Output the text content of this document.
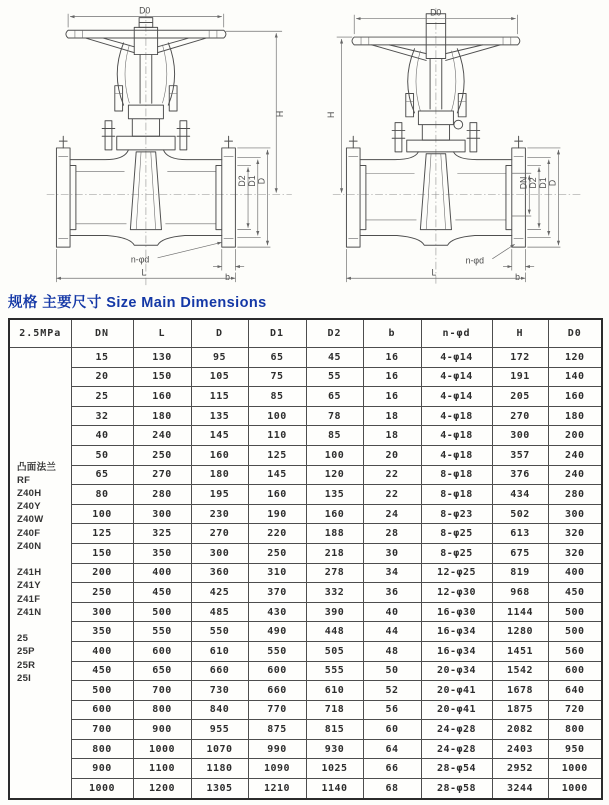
D0
H
D2 D1 D
n-φd
b
L
D0
H
DN D2 D1 D
n-φd
b
L
规格 主要尺寸 Size Main Dimensions
2.5MPa	DN	L	D	D1	D2	b	n-φd	H	D0

凸面法兰
RF
Z40H
Z40Y
Z40W
Z40F
Z40N

Z41H
Z41Y
Z41F
Z41N

25
25P
25R
25I
	15	130	95	65	45	16	4-φ14	172	120
	20	150	105	75	55	16	4-φ14	191	140
	25	160	115	85	65	16	4-φ14	205	160
	32	180	135	100	78	18	4-φ18	270	180
	40	240	145	110	85	18	4-φ18	300	200
	50	250	160	125	100	20	4-φ18	357	240
	65	270	180	145	120	22	8-φ18	376	240
	80	280	195	160	135	22	8-φ18	434	280
	100	300	230	190	160	24	8-φ23	502	300
	125	325	270	220	188	28	8-φ25	613	320
	150	350	300	250	218	30	8-φ25	675	320
	200	400	360	310	278	34	12-φ25	819	400
	250	450	425	370	332	36	12-φ30	968	450
	300	500	485	430	390	40	16-φ30	1144	500
	350	550	550	490	448	44	16-φ34	1280	500
	400	600	610	550	505	48	16-φ34	1451	560
	450	650	660	600	555	50	20-φ34	1542	600
	500	700	730	660	610	52	20-φ41	1678	640
	600	800	840	770	718	56	20-φ41	1875	720
	700	900	955	875	815	60	24-φ28	2082	800
	800	1000	1070	990	930	64	24-φ28	2403	950
	900	1100	1180	1090	1025	66	28-φ54	2952	1000
	1000	1200	1305	1210	1140	68	28-φ58	3244	1000
